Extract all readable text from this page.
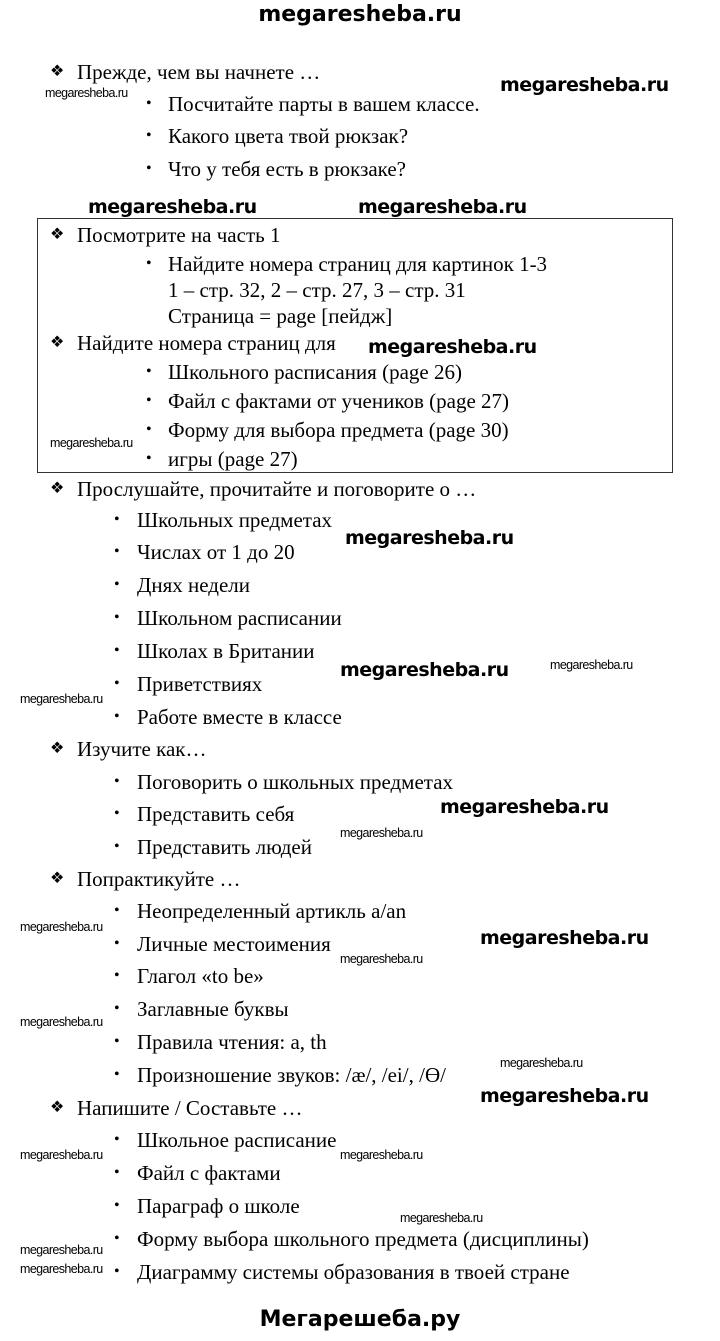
megaresheba.ru
❖ Прежде, чем вы начнете …
• Посчитайте парты в вашем классе.
• Какого цвета твой рюкзак?
• Что у тебя есть в рюкзаке?
❖ Посмотрите на часть 1
• Найдите номера страниц для картинок 1-3
1 – стр. 32, 2 – стр. 27, 3 – стр. 31
Страница = page [пейдж]
❖ Найдите номера страниц для
• Школьного расписания (page 26)
• Файл с фактами от учеников (page 27)
• Форму для выбора предмета (page 30)
• игры (page 27)
❖ Прослушайте, прочитайте и поговорите о …
• Школьных предметах
• Числах от 1 до 20
• Днях недели
• Школьном расписании
• Школах в Британии
• Приветствиях
• Работе вместе в классе
❖ Изучите как…
• Поговорить о школьных предметах
• Представить себя
• Представить людей
❖ Попрактикуйте …
• Неопределенный артикль a/an
• Личные местоимения
• Глагол «to be»
• Заглавные буквы
• Правила чтения: a, th
• Произношение звуков: /æ/, /ei/, /Ɵ/
❖ Напишите / Составьте …
• Школьное расписание
• Файл с фактами
• Параграф о школе
• Форму выбора школьного предмета (дисциплины)
• Диаграмму системы образования в твоей стране
megaresheba.ru
megaresheba.ru	megaresheba.ru
megaresheba.ru
megaresheba.ru
megaresheba.ru
megaresheba.ru
megaresheba.ru
megaresheba.ru
megaresheba.ru
megaresheba.ru
megaresheba.ru
megaresheba.ru
megaresheba.ru
megaresheba.ru
megaresheba.ru
megaresheba.ru
megaresheba.ru
megaresheba.ru	megaresheba.ru
megaresheba.ru
megaresheba.ru
megaresheba.ru
Мегарешеба.ру
